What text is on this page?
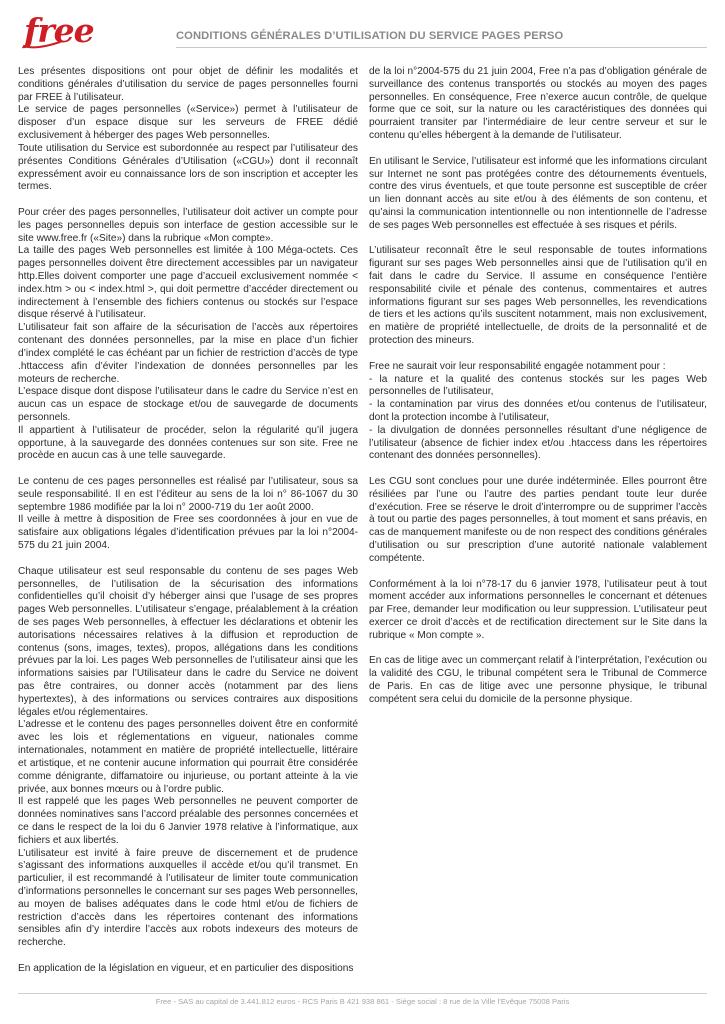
free	CONDITIONS GÉNÉRALES D’UTILISATION DU SERVICE PAGES PERSO

Les présentes dispositions ont pour objet de définir les modalités et conditions générales d’utilisation du service de pages personnelles fourni par FREE à l’utilisateur.

Le service de pages personnelles («Service») permet à l’utilisateur de disposer d’un espace disque sur les serveurs de FREE dédié exclusivement à héberger des pages Web personnelles.

Toute utilisation du Service est subordonnée au respect par l’utilisateur des présentes Conditions Générales d’Utilisation («CGU») dont il reconnaît expressément avoir eu connaissance lors de son inscription et accepter les termes.

Pour créer des pages personnelles, l’utilisateur doit activer un compte pour les pages personnelles depuis son interface de gestion accessible sur le site www.free.fr («Site») dans la rubrique «Mon compte».

La taille des pages Web personnelles est limitée à 100 Méga-octets. Ces pages personnelles doivent être directement accessibles par un navigateur http.Elles doivent comporter une page d’accueil exclusivement nommée < index.htm > ou < index.html >, qui doit permettre d’accéder directement ou indirectement à l’ensemble des fichiers contenus ou stockés sur l’espace disque réservé à l’utilisateur.

L’utilisateur fait son affaire de la sécurisation de l’accès aux répertoires contenant des données personnelles, par la mise en place d’un fichier d’index complété le cas échéant par un fichier de restriction d’accès de type .httaccess afin d’éviter l’indexation de données personnelles par les moteurs de recherche.

L’espace disque dont dispose l’utilisateur dans le cadre du Service n’est en aucun cas un espace de stockage et/ou de sauvegarde de documents personnels.

Il appartient à l’utilisateur de procéder, selon la régularité qu’il jugera opportune, à la sauvegarde des données contenues sur son site. Free ne procède en aucun cas à une telle sauvegarde.

Le contenu de ces pages personnelles est réalisé par l’utilisateur, sous sa seule responsabilité. Il en est l’éditeur au sens de la loi n° 86-1067 du 30 septembre 1986 modifiée par la loi n° 2000-719 du 1er août 2000.

Il veille à mettre à disposition de Free ses coordonnées à jour en vue de satisfaire aux obligations légales d’identification prévues par la loi n°2004-575 du 21 juin 2004.

Chaque utilisateur est seul responsable du contenu de ses pages Web personnelles, de l’utilisation de la sécurisation des informations confidentielles qu’il choisit d’y héberger ainsi que l’usage de ses propres pages Web personnelles. L’utilisateur s’engage, préalablement à la création de ses pages Web personnelles, à effectuer les déclarations et obtenir les autorisations nécessaires relatives à la diffusion et reproduction de contenus (sons, images, textes), propos, allégations dans les conditions prévues par la loi. Les pages Web personnelles de l’utilisateur ainsi que les informations saisies par l’Utilisateur dans le cadre du Service ne doivent pas être contraires, ou donner accès (notamment par des liens hypertextes), à des informations ou services contraires aux dispositions légales et/ou réglementaires.

L’adresse et le contenu des pages personnelles doivent être en conformité avec les lois et réglementations en vigueur, nationales comme internationales, notamment en matière de propriété intellectuelle, littéraire et artistique, et ne contenir aucune information qui pourrait être considérée comme dénigrante, diffamatoire ou injurieuse, ou portant atteinte à la vie privée, aux bonnes mœurs ou à l’ordre public.

Il est rappelé que les pages Web personnelles ne peuvent comporter de données nominatives sans l’accord préalable des personnes concernées et ce dans le respect de la loi du 6 Janvier 1978 relative à l’informatique, aux fichiers et aux libertés.

L’utilisateur est invité à faire preuve de discernement et de prudence s’agissant des informations auxquelles il accède et/ou qu’il transmet. En particulier, il est recommandé à l’utilisateur de limiter toute communication d’informations personnelles le concernant sur ses pages Web personnelles, au moyen de balises adéquates dans le code html et/ou de fichiers de restriction d’accès dans les répertoires contenant des informations sensibles afin d’y interdire l’accès aux robots indexeurs des moteurs de recherche.

En application de la législation en vigueur, et en particulier des dispositions

de la loi n°2004-575 du 21 juin 2004, Free n’a pas d’obligation générale de surveillance des contenus transportés ou stockés au moyen des pages personnelles. En conséquence, Free n’exerce aucun contrôle, de quelque forme que ce soit, sur la nature ou les caractéristiques des données qui pourraient transiter par l’intermédiaire de leur centre serveur et sur le contenu qu’elles hébergent à la demande de l’utilisateur.

En utilisant le Service, l’utilisateur est informé que les informations circulant sur Internet ne sont pas protégées contre des détournements éventuels, contre des virus éventuels, et que toute personne est susceptible de créer un lien donnant accès au site et/ou à des éléments de son contenu, et qu’ainsi la communication intentionnelle ou non intentionnelle de l’adresse de ses pages Web personnelles est effectuée à ses risques et périls.

L’utilisateur reconnaît être le seul responsable de toutes informations figurant sur ses pages Web personnelles ainsi que de l’utilisation qu’il en fait dans le cadre du Service. Il assume en conséquence l’entière responsabilité civile et pénale des contenus, commentaires et autres informations figurant sur ses pages Web personnelles, les revendications de tiers et les actions qu’ils suscitent notamment, mais non exclusivement, en matière de propriété intellectuelle, de droits de la personnalité et de protection des mineurs.

Free ne saurait voir leur responsabilité engagée notamment pour :

- la nature et la qualité des contenus stockés sur les pages Web personnelles de l’utilisateur,

- la contamination par virus des données et/ou contenus de l’utilisateur, dont la protection incombe à l’utilisateur,

- la divulgation de données personnelles résultant d’une négligence de l’utilisateur (absence de fichier index et/ou .htaccess dans les répertoires contenant des données personnelles).

Les CGU sont conclues pour une durée indéterminée. Elles pourront être résiliées par l’une ou l’autre des parties pendant toute leur durée d’exécution. Free se réserve le droit d’interrompre ou de supprimer l’accès à tout ou partie des pages personnelles, à tout moment et sans préavis, en cas de manquement manifeste ou de non respect des conditions générales d’utilisation ou sur prescription d’une autorité nationale valablement compétente.

Conformément à la loi n°78-17 du 6 janvier 1978, l’utilisateur peut à tout moment accéder aux informations personnelles le concernant et détenues par Free, demander leur modification ou leur suppression. L’utilisateur peut exercer ce droit d’accès et de rectification directement sur le Site dans la rubrique « Mon compte ».

En cas de litige avec un commerçant relatif à l’interprétation, l’exécution ou la validité des CGU, le tribunal compétent sera le Tribunal de Commerce de Paris. En cas de litige avec une personne physique, le tribunal compétent sera celui du domicile de la personne physique.

Free - SAS au capital de 3.441.812 euros - RCS Paris B 421 938 861 - Siège social : 8 rue de la Ville l’Evêque 75008 Paris
